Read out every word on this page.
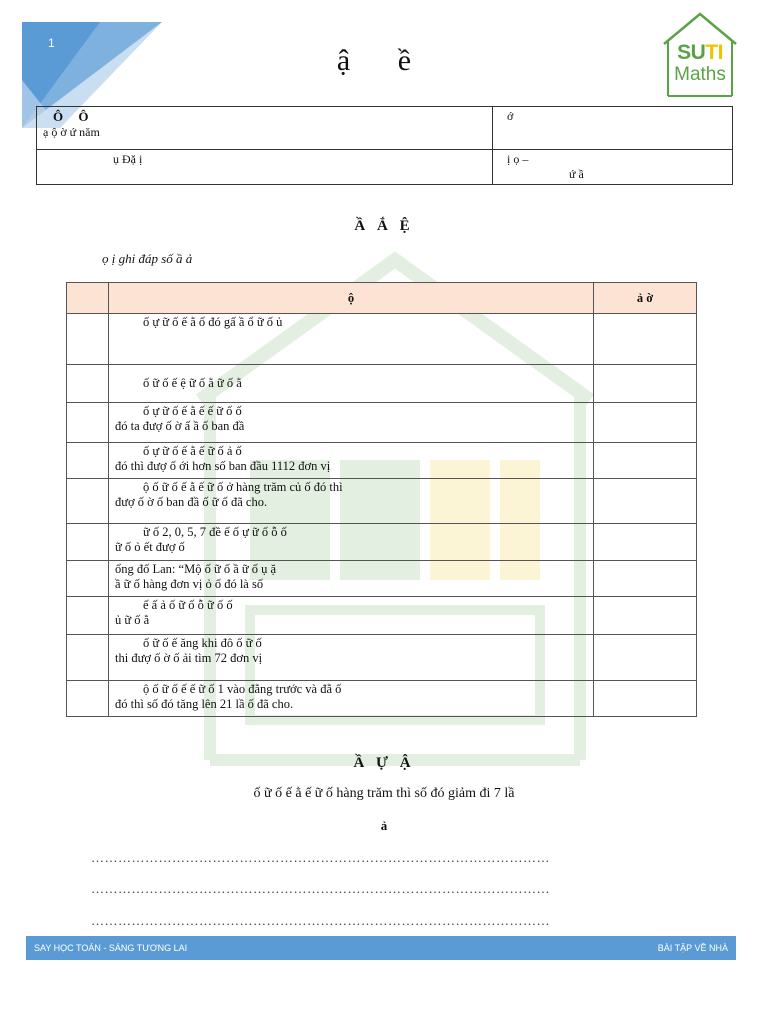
1
ậ ề	SUTI
Maths
Ô Ô
ạ ộ ờ ứ năm	ớ

ụ Đặ ị	ị ọ –
ứ ầ
Ầ Ắ Ệ
ọ ị ghi đáp số ầ ả
	ộ	ả ờ

	ố ự ữ ố ế ằ ố đó gấ ầ ổ ữ ố ủ	

	ố ữ ố ế ệ ữ ố ằ ữ ố ằ	

	ố ự ữ ố ế ằ ế ế ữ ố ố
đó ta đượ ố ờ ấ ầ ố ban đầ	

	ố ự ữ ố ế ằ ế ữ ố ả ố
đó thì đượ ố ới hơn số ban đầu 1112 đơn vị	

	ộ ố ữ ố ế ằ ế ữ ố ở hàng trăm củ ố đó thì
đượ ố ờ ố ban đầ ố ữ ố đã cho.	

	ữ ố 2, 0, 5, 7 đề ế ố ự ữ ố ỗ ố
ữ ố ỏ ết đượ ố	

	ổng đố Lan: “Mộ ố ữ ố ầ ữ ố ụ ặ
ầ ữ ố hàng đơn vị ỏ ố đó là số	

	ế ấ ả ố ữ ố ỗ ữ ố ố
ủ ữ ố ằ	

	ố ữ ố ế ăng khi đô ố ữ ố
thi đượ ố ờ ố ải tìm 72 đơn vị	

	ộ ố ữ ố ế ế ữ ố 1 vào đằng trước và đằ ố
đó thì số đó tăng lên 21 lầ ố đã cho.	

Ầ Ự Ậ
ố ữ ố ế ằ ế ữ ố hàng trăm thì số đó giảm đi 7 lầ
ả
…………………………………………………………………………………………
…………………………………………………………………………………………
…………………………………………………………………………………………
SAY HỌC TOÁN - SÁNG TƯƠNG LAI	BÀI TẬP VỀ NHÀ
